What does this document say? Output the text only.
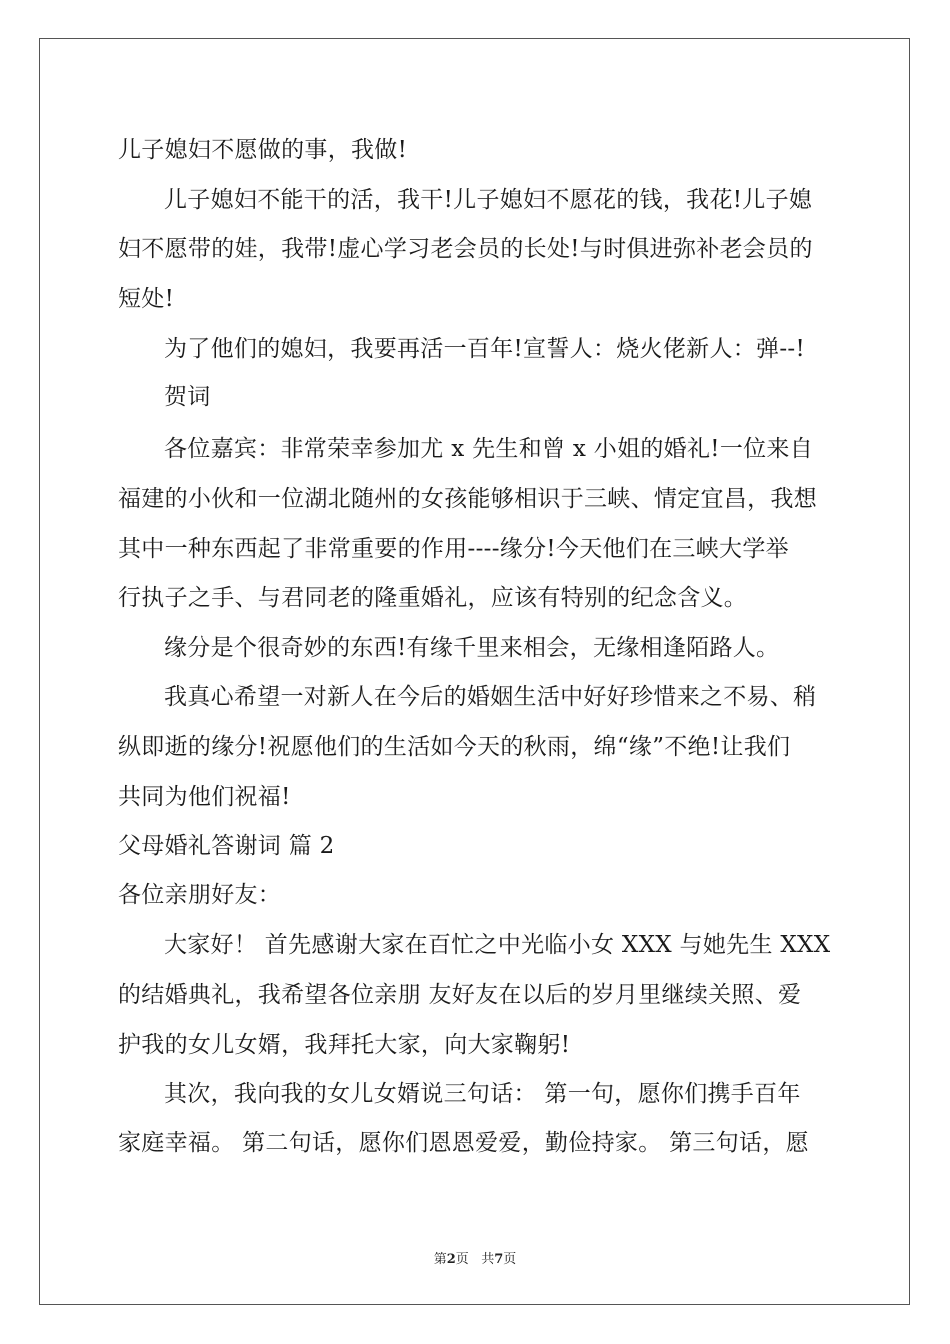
儿子媳妇不愿做的事，我做!
儿子媳妇不能干的活，我干!儿子媳妇不愿花的钱，我花!儿子媳
妇不愿带的娃，我带!虚心学习老会员的长处!与时俱进弥补老会员的
短处!
为了他们的媳妇，我要再活一百年!宣誓人：烧火佬新人：弹--!
贺词
各位嘉宾：非常荣幸参加尤 x 先生和曾 x 小姐的婚礼!一位来自
福建的小伙和一位湖北随州的女孩能够相识于三峡、情定宜昌，我想
其中一种东西起了非常重要的作用----缘分!今天他们在三峡大学举
行执子之手、与君同老的隆重婚礼，应该有特别的纪念含义。
缘分是个很奇妙的东西!有缘千里来相会，无缘相逢陌路人。
我真心希望一对新人在今后的婚姻生活中好好珍惜来之不易、稍
纵即逝的缘分!祝愿他们的生活如今天的秋雨，绵“缘”不绝!让我们
共同为他们祝福!
父母婚礼答谢词 篇 2
各位亲朋好友：
大家好！ 首先感谢大家在百忙之中光临小女 XXX 与她先生 XXX
的结婚典礼，我希望各位亲朋 友好友在以后的岁月里继续关照、爱
护我的女儿女婿，我拜托大家，向大家鞠躬!
其次，我向我的女儿女婿说三句话： 第一句，愿你们携手百年
家庭幸福。 第二句话，愿你们恩恩爱爱，勤俭持家。 第三句话，愿
第2页 共7页
